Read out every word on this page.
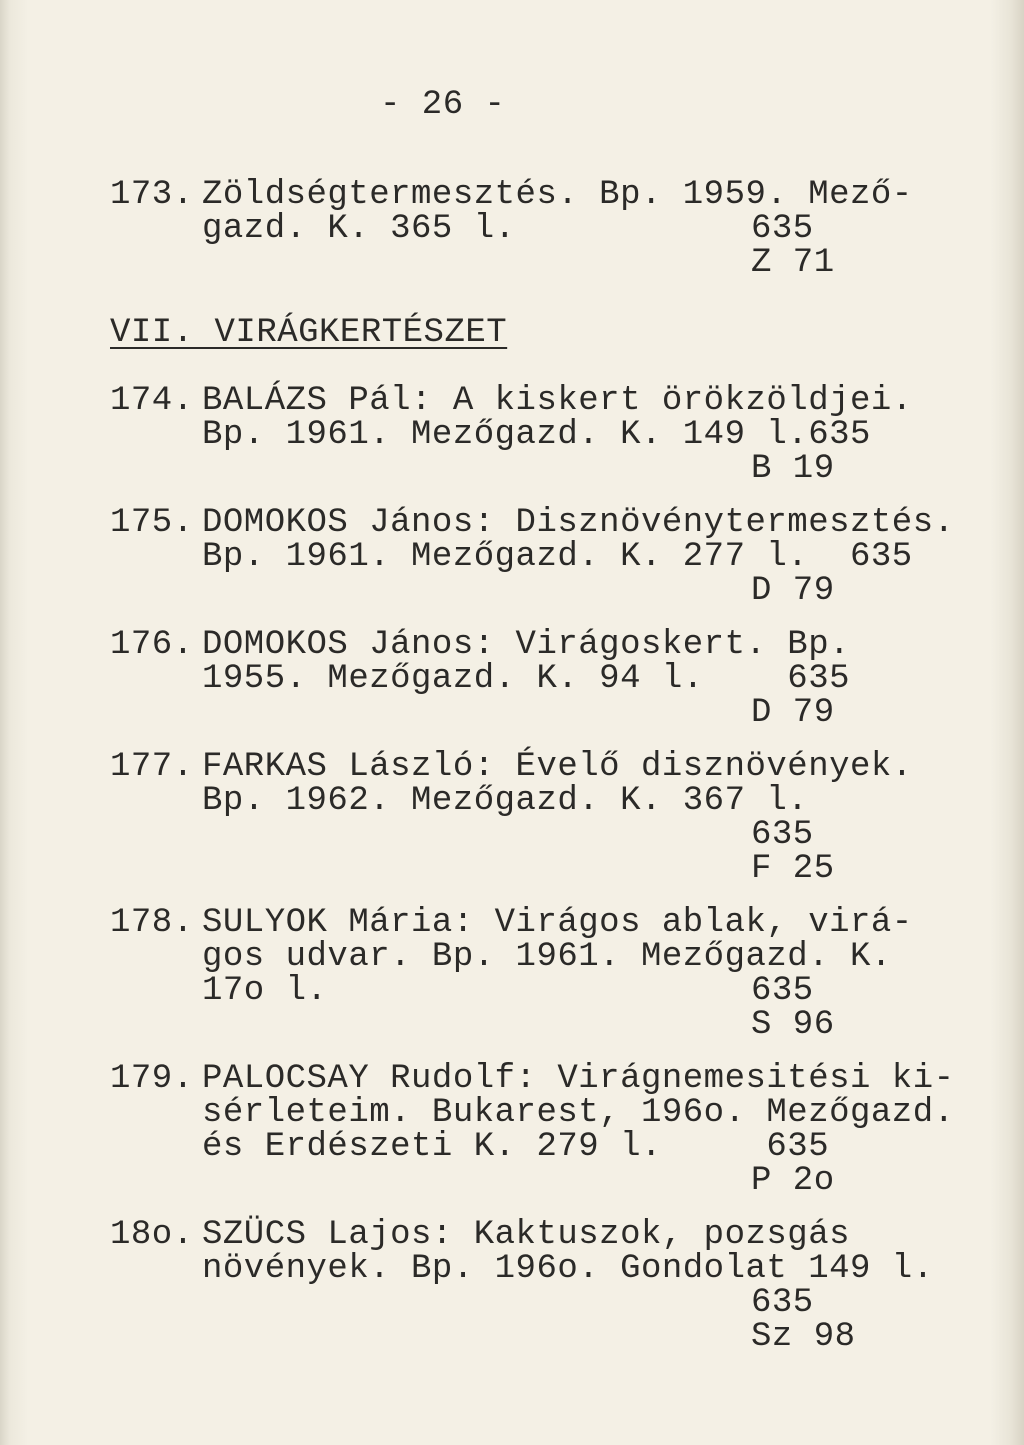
- 26 -
173. Zöldségtermesztés. Bp. 1959. Mező-
gazd. K. 365 l.	635
Z 71
VII. VIRÁGKERTÉSZET
174. BALÁZS Pál: A kiskert örökzöldjei.
Bp. 1961. Mezőgazd. K. 149 l.635
B 19
175. DOMOKOS János: Disznövénytermesztés.
Bp. 1961. Mezőgazd. K. 277 l.  635
D 79
176. DOMOKOS János: Virágoskert. Bp.
1955. Mezőgazd. K. 94 l.    635
D 79
177. FARKAS László: Évelő disznövények.
Bp. 1962. Mezőgazd. K. 367 l.
635
F 25
178. SULYOK Mária: Virágos ablak, virá-
gos udvar. Bp. 1961. Mezőgazd. K.
17o l.	635
S 96
179. PALOCSAY Rudolf: Virágnemesitési ki-
sérleteim. Bukarest, 196o. Mezőgazd.
és Erdészeti K. 279 l.     635
P 2o
18o. SZÜCS Lajos: Kaktuszok, pozsgás
növények. Bp. 196o. Gondolat 149 l.
635
Sz 98
